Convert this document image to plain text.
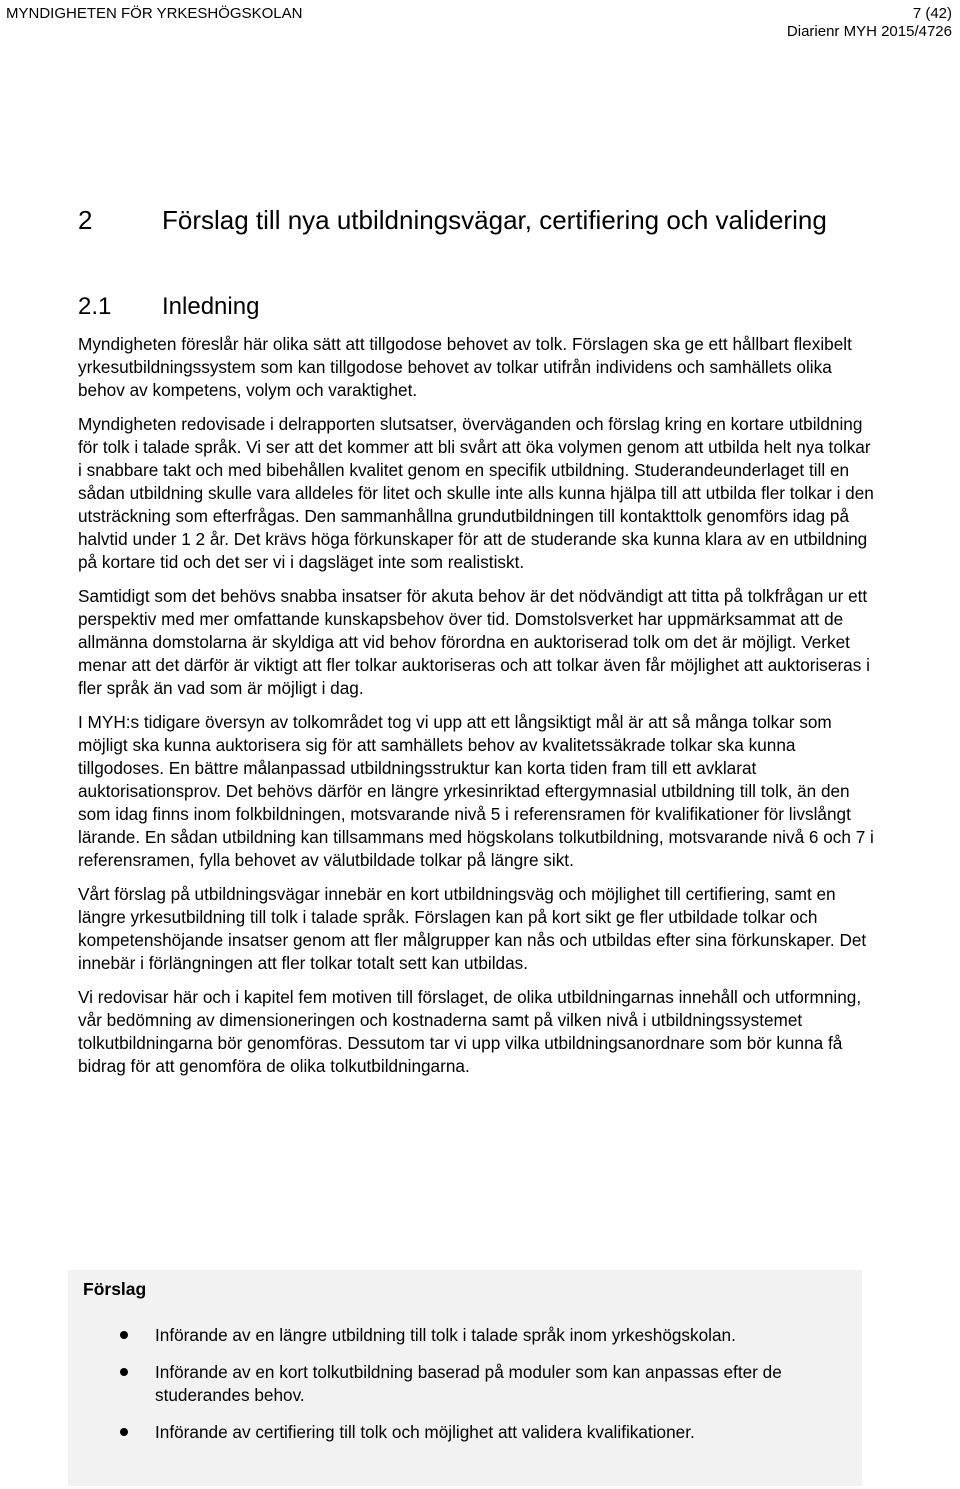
MYNDIGHETEN FÖR YRKESHÖGSKOLAN	7 (42)
Diarienr MYH 2015/4726
2	Förslag till nya utbildningsvägar, certifiering och validering
2.1 Inledning

Myndigheten föreslår här olika sätt att tillgodose behovet av tolk. Förslagen ska ge ett hållbart flexibelt yrkesutbildningssystem som kan tillgodose behovet av tolkar utifrån individens och samhällets olika behov av kompetens, volym och varaktighet.

Myndigheten redovisade i delrapporten slutsatser, överväganden och förslag kring en kortare utbildning för tolk i talade språk. Vi ser att det kommer att bli svårt att öka volymen genom att utbilda helt nya tolkar i snabbare takt och med bibehållen kvalitet genom en specifik utbildning. Studerandeunderlaget till en sådan utbildning skulle vara alldeles för litet och skulle inte alls kunna hjälpa till att utbilda fler tolkar i den utsträckning som efterfrågas. Den sammanhållna grundutbildningen till kontakttolk genomförs idag på halvtid under 1 2 år. Det krävs höga förkunskaper för att de studerande ska kunna klara av en utbildning på kortare tid och det ser vi i dagsläget inte som realistiskt.

Samtidigt som det behövs snabba insatser för akuta behov är det nödvändigt att titta på tolkfrågan ur ett perspektiv med mer omfattande kunskapsbehov över tid. Domstolsverket har uppmärksammat att de allmänna domstolarna är skyldiga att vid behov förordna en auktoriserad tolk om det är möjligt. Verket menar att det därför är viktigt att fler tolkar auktoriseras och att tolkar även får möjlighet att auktoriseras i fler språk än vad som är möjligt i dag.

I MYH:s tidigare översyn av tolkområdet tog vi upp att ett långsiktigt mål är att så många tolkar som möjligt ska kunna auktorisera sig för att samhällets behov av kvalitetssäkrade tolkar ska kunna tillgodoses. En bättre målanpassad utbildningsstruktur kan korta tiden fram till ett avklarat auktorisationsprov. Det behövs därför en längre yrkesinriktad eftergymnasial utbildning till tolk, än den som idag finns inom folkbildningen, motsvarande nivå 5 i referensramen för kvalifikationer för livslångt lärande. En sådan utbildning kan tillsammans med högskolans tolkutbildning, motsvarande nivå 6 och 7 i referensramen, fylla behovet av välutbildade tolkar på längre sikt.

Vårt förslag på utbildningsvägar innebär en kort utbildningsväg och möjlighet till certifiering, samt en längre yrkesutbildning till tolk i talade språk. Förslagen kan på kort sikt ge fler utbildade tolkar och kompetenshöjande insatser genom att fler målgrupper kan nås och utbildas efter sina förkunskaper. Det innebär i förlängningen att fler tolkar totalt sett kan utbildas.

Vi redovisar här och i kapitel fem motiven till förslaget, de olika utbildningarnas innehåll och utformning, vår bedömning av dimensioneringen och kostnaderna samt på vilken nivå i utbildningssystemet tolkutbildningarna bör genomföras. Dessutom tar vi upp vilka utbildningsanordnare som bör kunna få bidrag för att genomföra de olika tolkutbildningarna.

Förslag
Införande av en längre utbildning till tolk i talade språk inom yrkeshögskolan.
Införande av en kort tolkutbildning baserad på moduler som kan anpassas efter de studerandes behov.
Införande av certifiering till tolk och möjlighet att validera kvalifikationer.
